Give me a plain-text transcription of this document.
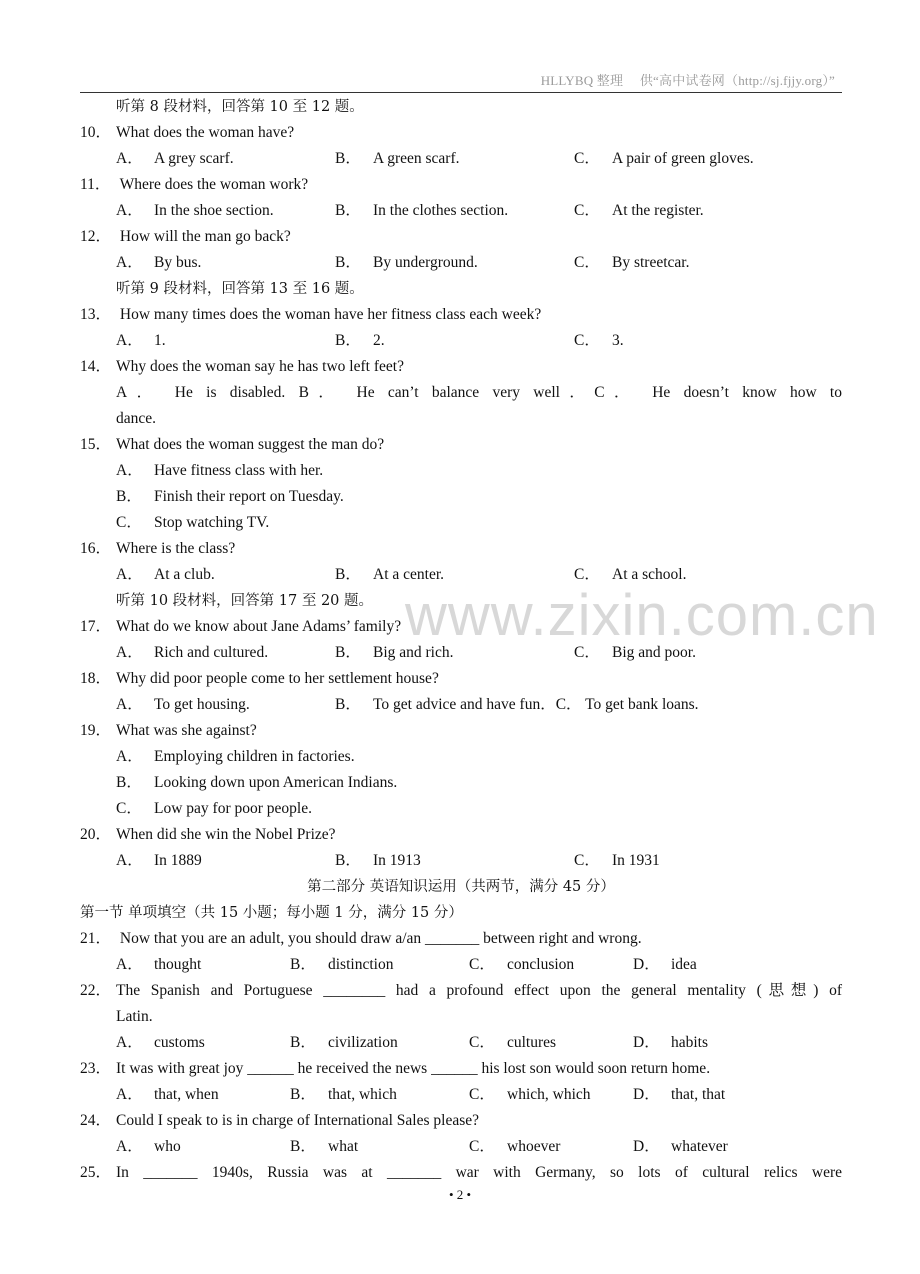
HLLYBQ 整理　 供“高中试卷网（http://sj.fjjy.org）”
www.zixin.com.cn
听第 8 段材料，回答第 10 至 12 题。
10． What does the woman have?
A． A grey scarf.	B． A green scarf.	C． A pair of green gloves.
11． Where does the woman work?
A． In the shoe section.	B． In the clothes section.	C． At the register.
12． How will the man go back?
A． By bus.	B． By underground.	C． By streetcar.
听第 9 段材料，回答第 13 至 16 题。
13． How many times does the woman have her fitness class each week?
A． 1.	B． 2.	C． 3.
14． Why does the woman say he has two left feet?
A． He is disabled. B． He can’t balance very well．C． He doesn’t know how to
dance.
15． What does the woman suggest the man do?
A． Have fitness class with her.
B． Finish their report on Tuesday.
C． Stop watching TV.
16． Where is the class?
A． At a club.	B． At a center.	C． At a school.
听第 10 段材料，回答第 17 至 20 题。
17． What do we know about Jane Adams’ family?
A． Rich and cultured.	B． Big and rich.	C． Big and poor.
18． Why did poor people come to her settlement house?
A． To get housing.	B． To get advice and have fun．C． To get bank loans.
19． What was she against?
A． Employing children in factories.
B． Looking down upon American Indians.
C． Low pay for poor people.
20． When did she win the Nobel Prize?
A． In 1889	B． In 1913	C． In 1931
第二部分 英语知识运用（共两节，满分 45 分）
第一节 单项填空（共 15 小题；每小题 1 分，满分 15 分）
21． Now that you are an adult, you should draw a/an _______ between right and wrong.
A． thought	B． distinction	C． conclusion	D． idea
22． The Spanish and Portuguese ________ had a profound effect upon the general mentality (思想) of
Latin.
A． customs	B． civilization	C． cultures	D． habits
23． It was with great joy ______ he received the news ______ his lost son would soon return home.
A． that, when	B． that, which	C． which, which	D． that, that
24． Could I speak to is in charge of International Sales please?
A． who	B． what	C． whoever	D． whatever
25． In _______ 1940s, Russia was at _______ war with Germany, so lots of cultural relics were
• 2 •
